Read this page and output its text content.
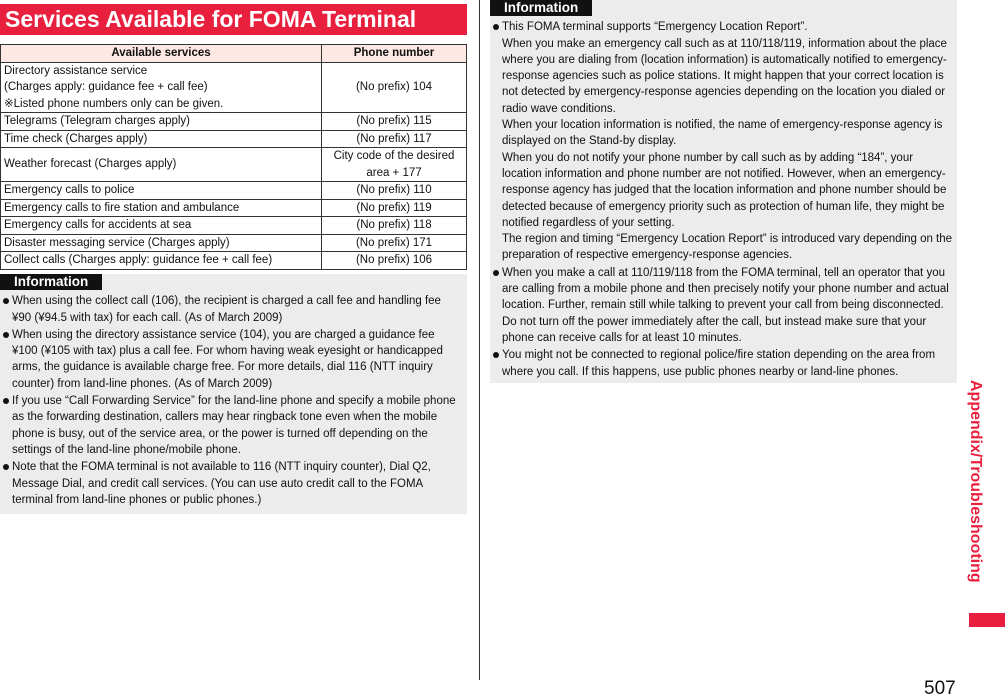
Services Available for FOMA Terminal
Available services	Phone number

Directory assistance service
(Charges apply: guidance fee + call fee)
※Listed phone numbers only can be given.	(No prefix) 104
Telegrams (Telegram charges apply)	(No prefix) 115
Time check (Charges apply)	(No prefix) 117
Weather forecast (Charges apply)	City code of the desired area + 177
Emergency calls to police	(No prefix) 110
Emergency calls to fire station and ambulance	(No prefix) 119
Emergency calls for accidents at sea	(No prefix) 118
Disaster messaging service (Charges apply)	(No prefix) 171
Collect calls (Charges apply: guidance fee + call fee)	(No prefix) 106
Information
When using the collect call (106), the recipient is charged a call fee and handling fee ¥90 (¥94.5 with tax) for each call. (As of March 2009)
When using the directory assistance service (104), you are charged a guidance fee ¥100 (¥105 with tax) plus a call fee. For whom having weak eyesight or handicapped arms, the guidance is available charge free. For more details, dial 116 (NTT inquiry counter) from land-line phones. (As of March 2009)
If you use “Call Forwarding Service” for the land-line phone and specify a mobile phone as the forwarding destination, callers may hear ringback tone even when the mobile phone is busy, out of the service area, or the power is turned off depending on the settings of the land-line phone/mobile phone.
Note that the FOMA terminal is not available to 116 (NTT inquiry counter), Dial Q2, Message Dial, and credit call services. (You can use auto credit call to the FOMA terminal from land-line phones or public phones.)
Information
This FOMA terminal supports “Emergency Location Report”.
When you make an emergency call such as at 110/118/119, information about the place where you are dialing from (location information) is automatically notified to emergency-response agencies such as police stations. It might happen that your correct location is not detected by emergency-response agencies depending on the location you dialed or radio wave conditions.
When your location information is notified, the name of emergency-response agency is displayed on the Stand-by display.
When you do not notify your phone number by call such as by adding “184”, your location information and phone number are not notified. However, when an emergency-response agency has judged that the location information and phone number should be detected because of emergency priority such as protection of human life, they might be notified regardless of your setting.
The region and timing “Emergency Location Report” is introduced vary depending on the preparation of respective emergency-response agencies.
When you make a call at 110/119/118 from the FOMA terminal, tell an operator that you are calling from a mobile phone and then precisely notify your phone number and actual location. Further, remain still while talking to prevent your call from being disconnected. Do not turn off the power immediately after the call, but instead make sure that your phone can receive calls for at least 10 minutes.
You might not be connected to regional police/fire station depending on the area from where you call. If this happens, use public phones nearby or land-line phones.
Appendix/Troubleshooting
507
